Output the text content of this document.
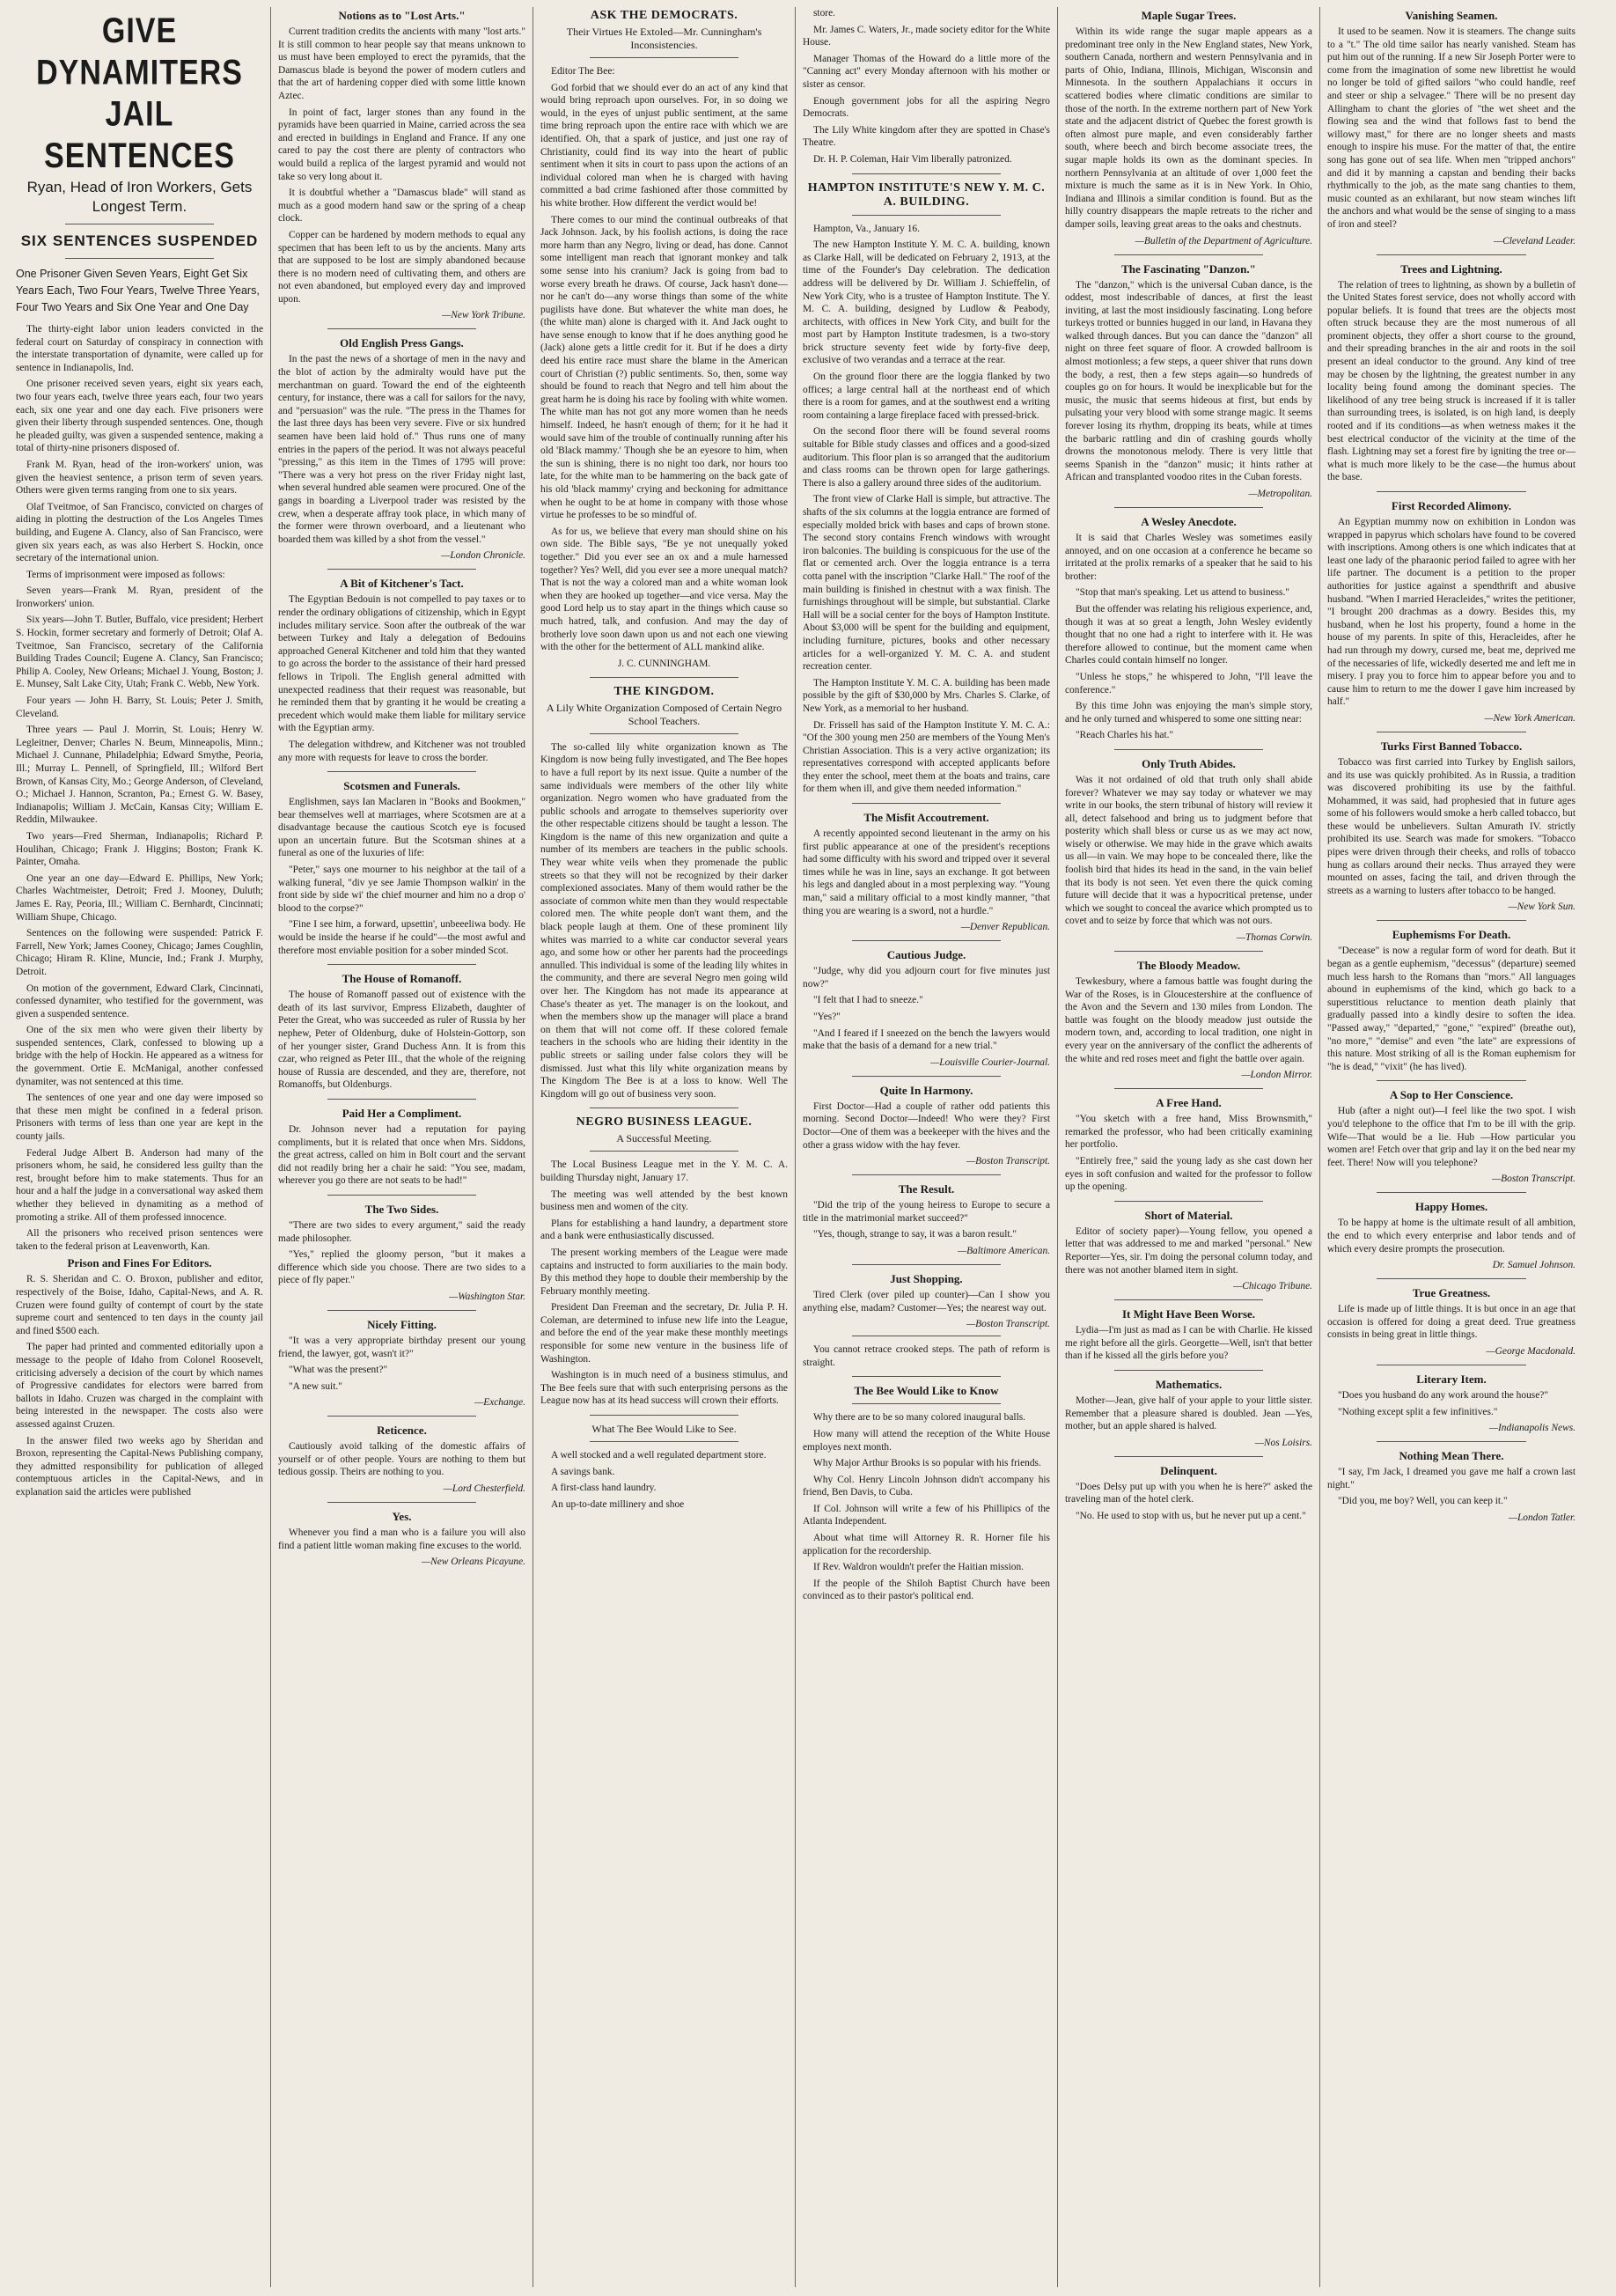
GIVE DYNAMITERS JAIL SENTENCES
Ryan, Head of Iron Workers, Gets Longest Term.
SIX SENTENCES SUSPENDED
One Prisoner Given Seven Years, Eight Get Six Years Each, Two Four Years, Twelve Three Years, Four Two Years and Six One Year and One Day

The thirty-eight labor union leaders convicted in the federal court on Saturday of conspiracy in connection with the interstate transportation of dynamite, were called up for sentence in Indianapolis, Ind.

One prisoner received seven years, eight six years each, two four years each, twelve three years each, four two years each, six one year and one day each. Five prisoners were given their liberty through suspended sentences. One, though he pleaded guilty, was given a suspended sentence, making a total of thirty-nine prisoners disposed of.

Frank M. Ryan, head of the iron-workers' union, was given the heaviest sentence, a prison term of seven years. Others were given terms ranging from one to six years.

Olaf Tveitmoe, of San Francisco, convicted on charges of aiding in plotting the destruction of the Los Angeles Times building, and Eugene A. Clancy, also of San Francisco, were given six years each, as was also Herbert S. Hockin, once secretary of the international union.

Terms of imprisonment were imposed as follows:

Seven years—Frank M. Ryan, president of the Ironworkers' union.

Six years—John T. Butler, Buffalo, vice president; Herbert S. Hockin, former secretary and formerly of Detroit; Olaf A. Tveitmoe, San Francisco, secretary of the California Building Trades Council; Eugene A. Clancy, San Francisco; Philip A. Cooley, New Orleans; Michael J. Young, Boston; J. E. Munsey, Salt Lake City, Utah; Frank C. Webb, New York.

Four years — John H. Barry, St. Louis; Peter J. Smith, Cleveland.

Three years — Paul J. Morrin, St. Louis; Henry W. Legleitner, Denver; Charles N. Beum, Minneapolis, Minn.; Michael J. Cunnane, Philadelphia; Edward Smythe, Peoria, Ill.; Murray L. Pennell, of Springfield, Ill.; Wilford Bert Brown, of Kansas City, Mo.; George Anderson, of Cleveland, O.; Michael J. Hannon, Scranton, Pa.; Ernest G. W. Basey, Indianapolis; William J. McCain, Kansas City; William E. Reddin, Milwaukee.

Two years—Fred Sherman, Indianapolis; Richard P. Houlihan, Chicago; Frank J. Higgins; Boston; Frank K. Painter, Omaha.

One year an one day—Edward E. Phillips, New York; Charles Wachtmeister, Detroit; Fred J. Mooney, Duluth; James E. Ray, Peoria, Ill.; William C. Bernhardt, Cincinnati; William Shupe, Chicago.

Sentences on the following were suspended: Patrick F. Farrell, New York; James Cooney, Chicago; James Coughlin, Chicago; Hiram R. Kline, Muncie, Ind.; Frank J. Murphy, Detroit.

On motion of the government, Edward Clark, Cincinnati, confessed dynamiter, who testified for the government, was given a suspended sentence.

One of the six men who were given their liberty by suspended sentences, Clark, confessed to blowing up a bridge with the help of Hockin. He appeared as a witness for the government. Ortie E. McManigal, another confessed dynamiter, was not sentenced at this time.

The sentences of one year and one day were imposed so that these men might be confined in a federal prison. Prisoners with terms of less than one year are kept in the county jails.

Federal Judge Albert B. Anderson had many of the prisoners whom, he said, he considered less guilty than the rest, brought before him to make statements. Thus for an hour and a half the judge in a conversational way asked them whether they believed in dynamiting as a method of promoting a strike. All of them professed innocence.

All the prisoners who received prison sentences were taken to the federal prison at Leavenworth, Kan.

Prison and Fines For Editors.

R. S. Sheridan and C. O. Broxon, publisher and editor, respectively of the Boise, Idaho, Capital-News, and A. R. Cruzen were found guilty of contempt of court by the state supreme court and sentenced to ten days in the county jail and fined $500 each.

The paper had printed and commented editorially upon a message to the people of Idaho from Colonel Roosevelt, criticising adversely a decision of the court by which names of Progressive candidates for electors were barred from ballots in Idaho. Cruzen was charged in the complaint with being interested in the newspaper. The costs also were assessed against Cruzen.

In the answer filed two weeks ago by Sheridan and Broxon, representing the Capital-News Publishing company, they admitted responsibility for publication of alleged contemptuous articles in the Capital-News, and in explanation said the articles were published

Notions as to "Lost Arts."

Current tradition credits the ancients with many "lost arts." It is still common to hear people say that means unknown to us must have been employed to erect the pyramids, that the Damascus blade is beyond the power of modern cutlers and that the art of hardening copper died with some little known Aztec.

In point of fact, larger stones than any found in the pyramids have been quarried in Maine, carried across the sea and erected in buildings in England and France. If any one cared to pay the cost there are plenty of contractors who would build a replica of the largest pyramid and would not take so very long about it.

It is doubtful whether a "Damascus blade" will stand as much as a good modern hand saw or the spring of a cheap clock.

Copper can be hardened by modern methods to equal any specimen that has been left to us by the ancients. Many arts that are supposed to be lost are simply abandoned because there is no modern need of cultivating them, and others are not even abandoned, but employed every day and improved upon.

—New York Tribune.
Old English Press Gangs.

In the past the news of a shortage of men in the navy and the blot of action by the admiralty would have put the merchantman on guard. Toward the end of the eighteenth century, for instance, there was a call for sailors for the navy, and "persuasion" was the rule. "The press in the Thames for the last three days has been very severe. Five or six hundred seamen have been laid hold of." Thus runs one of many entries in the papers of the period. It was not always peaceful "pressing," as this item in the Times of 1795 will prove: "There was a very hot press on the river Friday night last, when several hundred able seamen were procured. One of the gangs in boarding a Liverpool trader was resisted by the crew, when a desperate affray took place, in which many of the former were thrown overboard, and a lieutenant who boarded them was killed by a shot from the vessel."

—London Chronicle.
A Bit of Kitchener's Tact.

The Egyptian Bedouin is not compelled to pay taxes or to render the ordinary obligations of citizenship, which in Egypt includes military service. Soon after the outbreak of the war between Turkey and Italy a delegation of Bedouins approached General Kitchener and told him that they wanted to go across the border to the assistance of their hard pressed fellows in Tripoli. The English general admitted with unexpected readiness that their request was reasonable, but he reminded them that by granting it he would be creating a precedent which would make them liable for military service with the Egyptian army.

The delegation withdrew, and Kitchener was not troubled any more with requests for leave to cross the border.

Scotsmen and Funerals.

Englishmen, says Ian Maclaren in "Books and Bookmen," bear themselves well at marriages, where Scotsmen are at a disadvantage because the cautious Scotch eye is focused upon an uncertain future. But the Scotsman shines at a funeral as one of the luxuries of life:

"Peter," says one mourner to his neighbor at the tail of a walking funeral, "div ye see Jamie Thompson walkin' in the front side by side wi' the chief mourner and him no a drop o' blood to the corpse?"

"Fine I see him, a forward, upsettin', unbeeeliwa body. He would be inside the hearse if he could"—the most awful and therefore most enviable position for a sober minded Scot.

The House of Romanoff.

The house of Romanoff passed out of existence with the death of its last survivor, Empress Elizabeth, daughter of Peter the Great, who was succeeded as ruler of Russia by her nephew, Peter of Oldenburg, duke of Holstein-Gottorp, son of her younger sister, Grand Duchess Ann. It is from this czar, who reigned as Peter III., that the whole of the reigning house of Russia are descended, and they are, therefore, not Romanoffs, but Oldenburgs.

Paid Her a Compliment.

Dr. Johnson never had a reputation for paying compliments, but it is related that once when Mrs. Siddons, the great actress, called on him in Bolt court and the servant did not readily bring her a chair he said: "You see, madam, wherever you go there are not seats to be had!"

The Two Sides.

"There are two sides to every argument," said the ready made philosopher.

"Yes," replied the gloomy person, "but it makes a difference which side you choose. There are two sides to a piece of fly paper."

—Washington Star.
Nicely Fitting.

"It was a very appropriate birthday present our young friend, the lawyer, got, wasn't it?"

"What was the present?"

"A new suit."

—Exchange.
Reticence.

Cautiously avoid talking of the domestic affairs of yourself or of other people. Yours are nothing to them but tedious gossip. Theirs are nothing to you.

—Lord Chesterfield.
Yes.

Whenever you find a man who is a failure you will also find a patient little woman making fine excuses to the world.

—New Orleans Picayune.
ASK THE DEMOCRATS.
Their Virtues He Extoled—Mr. Cunningham's Inconsistencies.

Editor The Bee:

God forbid that we should ever do an act of any kind that would bring reproach upon ourselves. For, in so doing we would, in the eyes of unjust public sentiment, at the same time bring reproach upon the entire race with which we are identified. Oh, that a spark of justice, and just one ray of Christianity, could find its way into the heart of public sentiment when it sits in court to pass upon the actions of an individual colored man when he is charged with having committed a bad crime fashioned after those committed by his white brother. How different the verdict would be!

There comes to our mind the continual outbreaks of that Jack Johnson. Jack, by his foolish actions, is doing the race more harm than any Negro, living or dead, has done. Cannot some intelligent man reach that ignorant monkey and talk some sense into his cranium? Jack is going from bad to worse every breath he draws. Of course, Jack hasn't done—nor he can't do—any worse things than some of the white pugilists have done. But whatever the white man does, he (the white man) alone is charged with it. And Jack ought to have sense enough to know that if he does anything good he (Jack) alone gets a little credit for it. But if he does a dirty deed his entire race must share the blame in the American court of Christian (?) public sentiments. So, then, some way should be found to reach that Negro and tell him about the great harm he is doing his race by fooling with white women. The white man has not got any more women than he needs himself. Indeed, he hasn't enough of them; for it he had it would save him of the trouble of continually running after his old 'Black mammy.' Though she be an eyesore to him, when the sun is shining, there is no night too dark, nor hours too late, for the white man to be hammering on the back gate of his old 'black mammy' crying and beckoning for admittance when he ought to be at home in company with those whose virtue he professes to be so mindful of.

As for us, we believe that every man should shine on his own side. The Bible says, "Be ye not unequally yoked together." Did you ever see an ox and a mule harnessed together? Yes? Well, did you ever see a more unequal match? That is not the way a colored man and a white woman look when they are hooked up together—and vice versa. May the good Lord help us to stay apart in the things which cause so much hatred, talk, and confusion. And may the day of brotherly love soon dawn upon us and not each one viewing with the other for the betterment of ALL mankind alike.

J. C. CUNNINGHAM.
THE KINGDOM.
A Lily White Organization Composed of Certain Negro School Teachers.

The so-called lily white organization known as The Kingdom is now being fully investigated, and The Bee hopes to have a full report by its next issue. Quite a number of the same individuals were members of the other lily white organization. Negro women who have graduated from the public schools and arrogate to themselves superiority over the other respectable citizens should be taught a lesson. The Kingdom is the name of this new organization and quite a number of its members are teachers in the public schools. They wear white veils when they promenade the public streets so that they will not be recognized by their darker complexioned associates. Many of them would rather be the associate of common white men than they would respectable colored men. The white people don't want them, and the black people laugh at them. One of these prominent lily whites was married to a white car conductor several years ago, and some how or other her parents had the proceedings annulled. This individual is some of the leading lily whites in the community, and there are several Negro men going wild over her. The Kingdom has not made its appearance at Chase's theater as yet. The manager is on the lookout, and when the members show up the manager will place a brand on them that will not come off. If these colored female teachers in the schools who are hiding their identity in the public streets or sailing under false colors they will be dismissed. Just what this lily white organization means by The Kingdom The Bee is at a loss to know. Well The Kingdom will go out of business very soon.

NEGRO BUSINESS LEAGUE.
A Successful Meeting.

The Local Business League met in the Y. M. C. A. building Thursday night, January 17.

The meeting was well attended by the best known business men and women of the city.

Plans for establishing a hand laundry, a department store and a bank were enthusiastically discussed.

The present working members of the League were made captains and instructed to form auxiliaries to the main body. By this method they hope to double their membership by the February monthly meeting.

President Dan Freeman and the secretary, Dr. Julia P. H. Coleman, are determined to infuse new life into the League, and before the end of the year make these monthly meetings responsible for some new venture in the business life of Washington.

Washington is in much need of a business stimulus, and The Bee feels sure that with such enterprising persons as the League now has at its head success will crown their efforts.

What The Bee Would Like to See.

A well stocked and a well regulated department store.

A savings bank.

A first-class hand laundry.

An up-to-date millinery and shoe

store.

Mr. James C. Waters, Jr., made society editor for the White House.

Manager Thomas of the Howard do a little more of the "Canning act" every Monday afternoon with his mother or sister as censor.

Enough government jobs for all the aspiring Negro Democrats.

The Lily White kingdom after they are spotted in Chase's Theatre.

Dr. H. P. Coleman, Hair Vim liberally patronized.

HAMPTON INSTITUTE'S NEW Y. M. C. A. BUILDING.

Hampton, Va., January 16.

The new Hampton Institute Y. M. C. A. building, known as Clarke Hall, will be dedicated on February 2, 1913, at the time of the Founder's Day celebration. The dedication address will be delivered by Dr. William J. Schieffelin, of New York City, who is a trustee of Hampton Institute. The Y. M. C. A. building, designed by Ludlow & Peabody, architects, with offices in New York City, and built for the most part by Hampton Institute tradesmen, is a two-story brick structure seventy feet wide by forty-five deep, exclusive of two verandas and a terrace at the rear.

On the ground floor there are the loggia flanked by two offices; a large central hall at the northeast end of which there is a room for games, and at the southwest end a writing room containing a large fireplace faced with pressed-brick.

On the second floor there will be found several rooms suitable for Bible study classes and offices and a good-sized auditorium. This floor plan is so arranged that the auditorium and class rooms can be thrown open for large gatherings. There is also a gallery around three sides of the auditorium.

The front view of Clarke Hall is simple, but attractive. The shafts of the six columns at the loggia entrance are formed of especially molded brick with bases and caps of brown stone. The second story contains French windows with wrought iron balconies. The building is conspicuous for the use of the flat or cemented arch. Over the loggia entrance is a terra cotta panel with the inscription "Clarke Hall." The roof of the main building is finished in chestnut with a wax finish. The furnishings throughout will be simple, but substantial. Clarke Hall will be a social center for the boys of Hampton Institute. About $3,000 will be spent for the building and equipment, including furniture, pictures, books and other necessary articles for a well-organized Y. M. C. A. and student recreation center.

The Hampton Institute Y. M. C. A. building has been made possible by the gift of $30,000 by Mrs. Charles S. Clarke, of New York, as a memorial to her husband.

Dr. Frissell has said of the Hampton Institute Y. M. C. A.: "Of the 300 young men 250 are members of the Young Men's Christian Association. This is a very active organization; its representatives correspond with accepted applicants before they enter the school, meet them at the boats and trains, care for them when ill, and give them needed information."

The Misfit Accoutrement.

A recently appointed second lieutenant in the army on his first public appearance at one of the president's receptions had some difficulty with his sword and tripped over it several times while he was in line, says an exchange. It got between his legs and dangled about in a most perplexing way. "Young man," said a military official to a most kindly manner, "that thing you are wearing is a sword, not a hurdle."

—Denver Republican.
Cautious Judge.

"Judge, why did you adjourn court for five minutes just now?"

"I felt that I had to sneeze."

"Yes?"

"And I feared if I sneezed on the bench the lawyers would make that the basis of a demand for a new trial."

—Louisville Courier-Journal.
Quite In Harmony.

First Doctor—Had a couple of rather odd patients this morning. Second Doctor—Indeed! Who were they? First Doctor—One of them was a beekeeper with the hives and the other a grass widow with the hay fever.

—Boston Transcript.
The Result.

"Did the trip of the young heiress to Europe to secure a title in the matrimonial market succeed?"

"Yes, though, strange to say, it was a baron result."

—Baltimore American.
Just Shopping.

Tired Clerk (over piled up counter)—Can I show you anything else, madam? Customer—Yes; the nearest way out.

—Boston Transcript.

You cannot retrace crooked steps. The path of reform is straight.

The Bee Would Like to Know

Why there are to be so many colored inaugural balls.

How many will attend the reception of the White House employes next month.

Why Major Arthur Brooks is so popular with his friends.

Why Col. Henry Lincoln Johnson didn't accompany his friend, Ben Davis, to Cuba.

If Col. Johnson will write a few of his Phillipics of the Atlanta Independent.

About what time will Attorney R. R. Horner file his application for the recordership.

If Rev. Waldron wouldn't prefer the Haitian mission.

If the people of the Shiloh Baptist Church have been convinced as to their pastor's political end.

Maple Sugar Trees.

Within its wide range the sugar maple appears as a predominant tree only in the New England states, New York, southern Canada, northern and western Pennsylvania and in parts of Ohio, Indiana, Illinois, Michigan, Wisconsin and Minnesota. In the southern Appalachians it occurs in scattered bodies where climatic conditions are similar to those of the north. In the extreme northern part of New York state and the adjacent district of Quebec the forest growth is often almost pure maple, and even considerably farther south, where beech and birch become associate trees, the sugar maple holds its own as the dominant species. In northern Pennsylvania at an altitude of over 1,000 feet the mixture is much the same as it is in New York. In Ohio, Indiana and Illinois a similar condition is found. But as the hilly country disappears the maple retreats to the richer and damper soils, leaving great areas to the oaks and chestnuts.

—Bulletin of the Department of Agriculture.
The Fascinating "Danzon."

The "danzon," which is the universal Cuban dance, is the oddest, most indescribable of dances, at first the least inviting, at last the most insidiously fascinating. Long before turkeys trotted or bunnies hugged in our land, in Havana they walked through dances. But you can dance the "danzon" all night on three feet square of floor. A crowded ballroom is almost motionless; a few steps, a queer shiver that runs down the body, a rest, then a few steps again—so hundreds of couples go on for hours. It would be inexplicable but for the music, the music that seems hideous at first, but ends by pulsating your very blood with some strange magic. It seems forever losing its rhythm, dropping its beats, while at times the barbaric rattling and din of crashing gourds wholly drowns the monotonous melody. There is very little that seems Spanish in the "danzon" music; it hints rather at African and transplanted voodoo rites in the Cuban forests.

—Metropolitan.
A Wesley Anecdote.

It is said that Charles Wesley was sometimes easily annoyed, and on one occasion at a conference he became so irritated at the prolix remarks of a speaker that he said to his brother:

"Stop that man's speaking. Let us attend to business."

But the offender was relating his religious experience, and, though it was at so great a length, John Wesley evidently thought that no one had a right to interfere with it. He was therefore allowed to continue, but the moment came when Charles could contain himself no longer.

"Unless he stops," he whispered to John, "I'll leave the conference."

By this time John was enjoying the man's simple story, and he only turned and whispered to some one sitting near:

"Reach Charles his hat."

Only Truth Abides.

Was it not ordained of old that truth only shall abide forever? Whatever we may say today or whatever we may write in our books, the stern tribunal of history will review it all, detect falsehood and bring us to judgment before that posterity which shall bless or curse us as we may act now, wisely or otherwise. We may hide in the grave which awaits us all—in vain. We may hope to be concealed there, like the foolish bird that hides its head in the sand, in the vain belief that its body is not seen. Yet even there the quick coming future will decide that it was a hypocritical pretense, under which we sought to conceal the avarice which prompted us to covet and to seize by force that which was not ours.

—Thomas Corwin.
The Bloody Meadow.

Tewkesbury, where a famous battle was fought during the War of the Roses, is in Gloucestershire at the confluence of the Avon and the Severn and 130 miles from London. The battle was fought on the bloody meadow just outside the modern town, and, according to local tradition, one night in every year on the anniversary of the conflict the adherents of the white and red roses meet and fight the battle over again.

—London Mirror.
A Free Hand.

"You sketch with a free hand, Miss Brownsmith," remarked the professor, who had been critically examining her portfolio.

"Entirely free," said the young lady as she cast down her eyes in soft confusion and waited for the professor to follow up the opening.

Short of Material.

Editor of society paper)—Young fellow, you opened a letter that was addressed to me and marked "personal." New Reporter—Yes, sir. I'm doing the personal column today, and there was not another blamed item in sight.

—Chicago Tribune.
It Might Have Been Worse.

Lydia—I'm just as mad as I can be with Charlie. He kissed me right before all the girls. Georgette—Well, isn't that better than if he kissed all the girls before you?

Mathematics.

Mother—Jean, give half of your apple to your little sister. Remember that a pleasure shared is doubled. Jean —Yes, mother, but an apple shared is halved.

—Nos Loisirs.
Delinquent.

"Does Delsy put up with you when he is here?" asked the traveling man of the hotel clerk.

"No. He used to stop with us, but he never put up a cent."

Vanishing Seamen.

It used to be seamen. Now it is steamers. The change suits to a "t." The old time sailor has nearly vanished. Steam has put him out of the running. If a new Sir Joseph Porter were to come from the imagination of some new librettist he would no longer be told of gifted sailors "who could handle, reef and steer or ship a selvagee." There will be no present day Allingham to chant the glories of "the wet sheet and the flowing sea and the wind that follows fast to bend the willowy mast," for there are no longer sheets and masts enough to inspire his muse. For the matter of that, the entire song has gone out of sea life. When men "tripped anchors" and did it by manning a capstan and bending their backs rhythmically to the job, as the mate sang chanties to them, music counted as an exhilarant, but now steam winches lift the anchors and what would be the sense of singing to a mass of iron and steel?

—Cleveland Leader.
Trees and Lightning.

The relation of trees to lightning, as shown by a bulletin of the United States forest service, does not wholly accord with popular beliefs. It is found that trees are the objects most often struck because they are the most numerous of all prominent objects, they offer a short course to the ground, and their spreading branches in the air and roots in the soil present an ideal conductor to the ground. Any kind of tree may be chosen by the lightning, the greatest number in any locality being found among the dominant species. The likelihood of any tree being struck is increased if it is taller than surrounding trees, is isolated, is on high land, is deeply rooted and if its conditions—as when wetness makes it the best electrical conductor of the vicinity at the time of the flash. Lightning may set a forest fire by igniting the tree or—what is much more likely to be the case—the humus about the base.

First Recorded Alimony.

An Egyptian mummy now on exhibition in London was wrapped in papyrus which scholars have found to be covered with inscriptions. Among others is one which indicates that at least one lady of the pharaonic period failed to agree with her life partner. The document is a petition to the proper authorities for justice against a spendthrift and abusive husband. "When I married Heracleides," writes the petitioner, "I brought 200 drachmas as a dowry. Besides this, my husband, when he lost his property, found a home in the house of my parents. In spite of this, Heracleides, after he had run through my dowry, cursed me, beat me, deprived me of the necessaries of life, wickedly deserted me and left me in misery. I pray you to force him to appear before you and to cause him to return to me the dower I gave him increased by half."

—New York American.
Turks First Banned Tobacco.

Tobacco was first carried into Turkey by English sailors, and its use was quickly prohibited. As in Russia, a tradition was discovered prohibiting its use by the faithful. Mohammed, it was said, had prophesied that in future ages some of his followers would smoke a herb called tobacco, but these would be unbelievers. Sultan Amurath IV. strictly prohibited its use. Search was made for smokers. "Tobacco pipes were driven through their cheeks, and rolls of tobacco hung as collars around their necks. Thus arrayed they were mounted on asses, facing the tail, and driven through the streets as a warning to lusters after tobacco to be hanged.

—New York Sun.
Euphemisms For Death.

"Decease" is now a regular form of word for death. But it began as a gentle euphemism, "decessus" (departure) seemed much less harsh to the Romans than "mors." All languages abound in euphemisms of the kind, which go back to a superstitious reluctance to mention death plainly that gradually passed into a kindly desire to soften the idea. "Passed away," "departed," "gone," "expired" (breathe out), "no more," "demise" and even "the late" are expressions of this nature. Most striking of all is the Roman euphemism for "he is dead," "vixit" (he has lived).

A Sop to Her Conscience.

Hub (after a night out)—I feel like the two spot. I wish you'd telephone to the office that I'm to be ill with the grip. Wife—That would be a lie. Hub —How particular you women are! Fetch over that grip and lay it on the bed near my feet. There! Now will you telephone?

—Boston Transcript.
Happy Homes.

To be happy at home is the ultimate result of all ambition, the end to which every enterprise and labor tends and of which every desire prompts the prosecution.

Dr. Samuel Johnson.
True Greatness.

Life is made up of little things. It is but once in an age that occasion is offered for doing a great deed. True greatness consists in being great in little things.

—George Macdonald.
Literary Item.

"Does you husband do any work around the house?"

"Nothing except split a few infinitives."

—Indianapolis News.
Nothing Mean There.

"I say, I'm Jack, I dreamed you gave me half a crown last night."

"Did you, me boy? Well, you can keep it."

—London Tatler.
